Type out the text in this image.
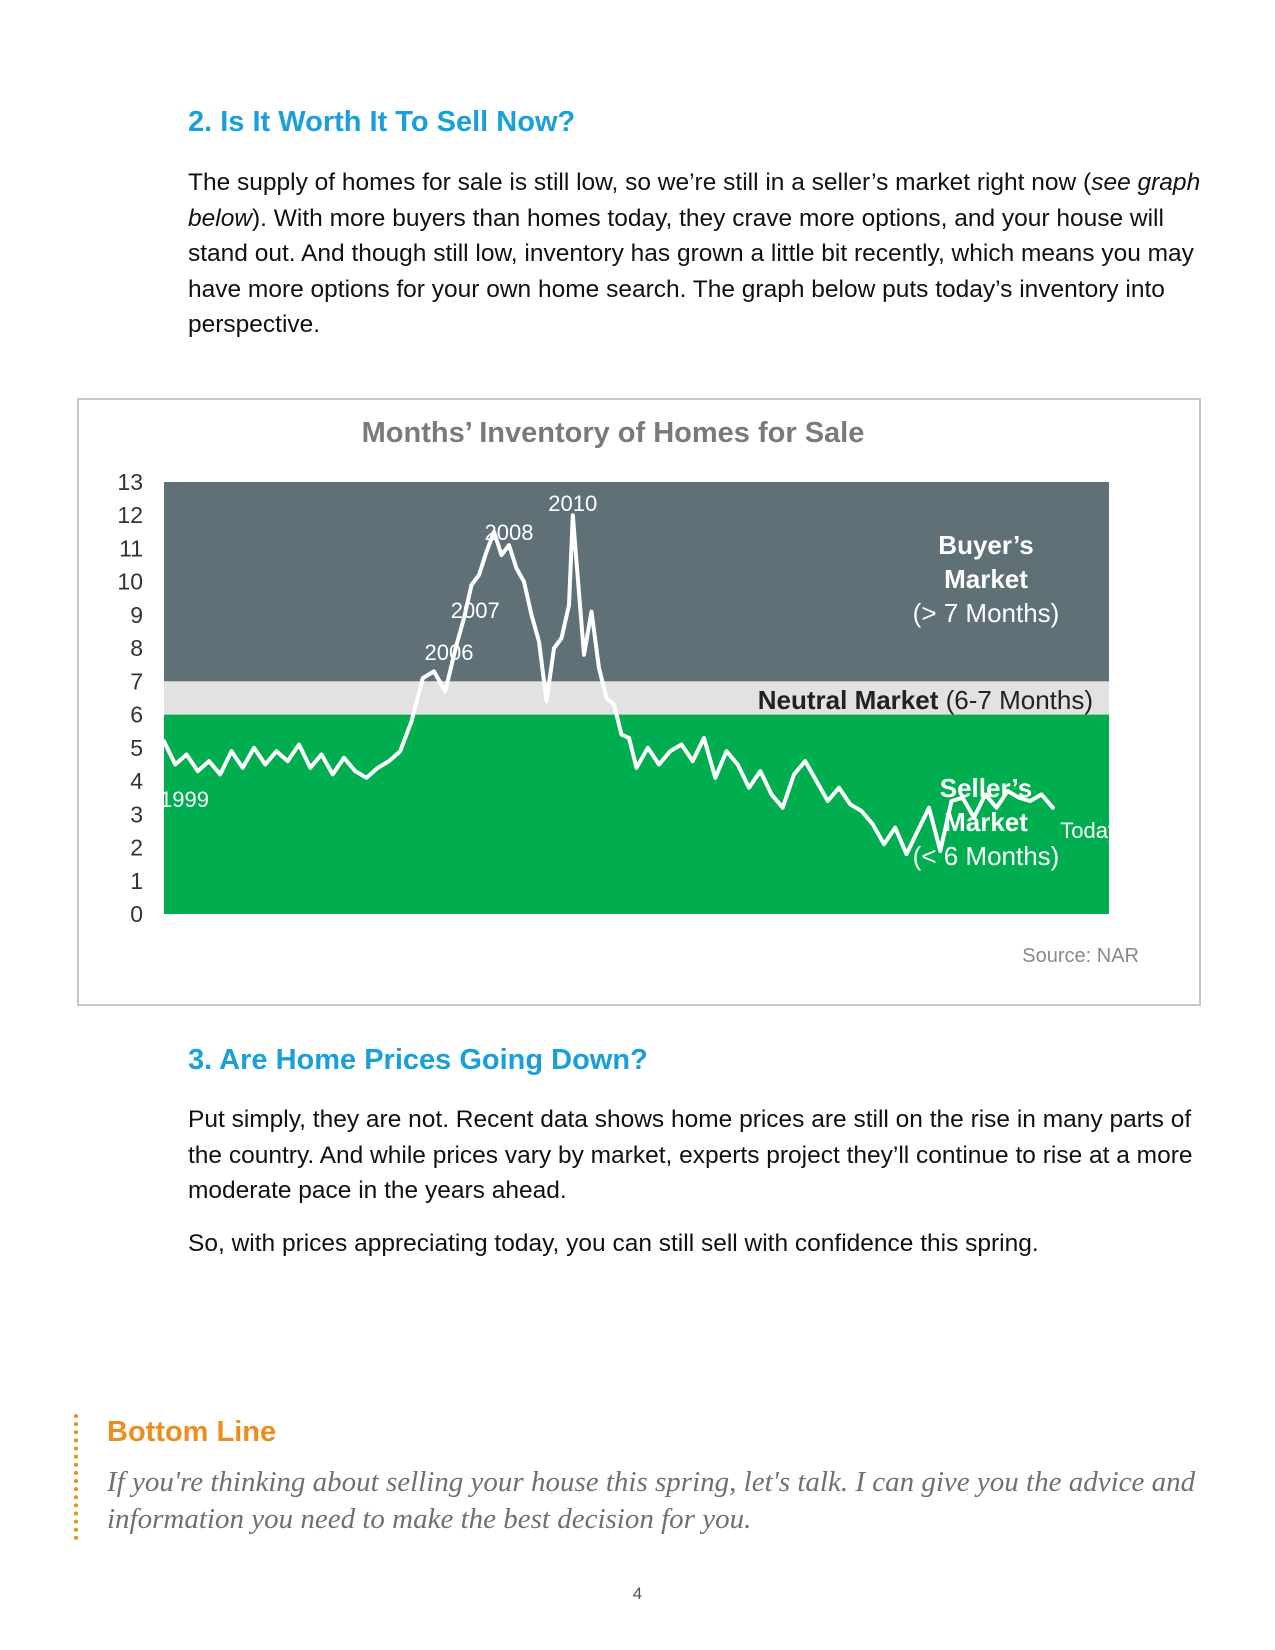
2. Is It Worth It To Sell Now?

The supply of homes for sale is still low, so we’re still in a seller’s market right now (see graph below). With more buyers than homes today, they crave more options, and your house will stand out. And though still low, inventory has grown a little bit recently, which means you may have more options for your own home search. The graph below puts today’s inventory into perspective.

0
1
2
3
4
5
6
7
8
9
10
11
12
13
1999
2006
2007
2008
2010
Today
Months’ Inventory of Homes for Sale
Buyer’s
Market
(> 7 Months)
Neutral Market (6-7 Months)
Seller’s
Market
(< 6 Months)
Source: NAR
3. Are Home Prices Going Down?

Put simply, they are not. Recent data shows home prices are still on the rise in many parts of the country. And while prices vary by market, experts project they’ll continue to rise at a more moderate pace in the years ahead.

So, with prices appreciating today, you can still sell with confidence this spring.

Bottom Line

If you're thinking about selling your house this spring, let's talk. I can give you the advice and information you need to make the best decision for you.

4
